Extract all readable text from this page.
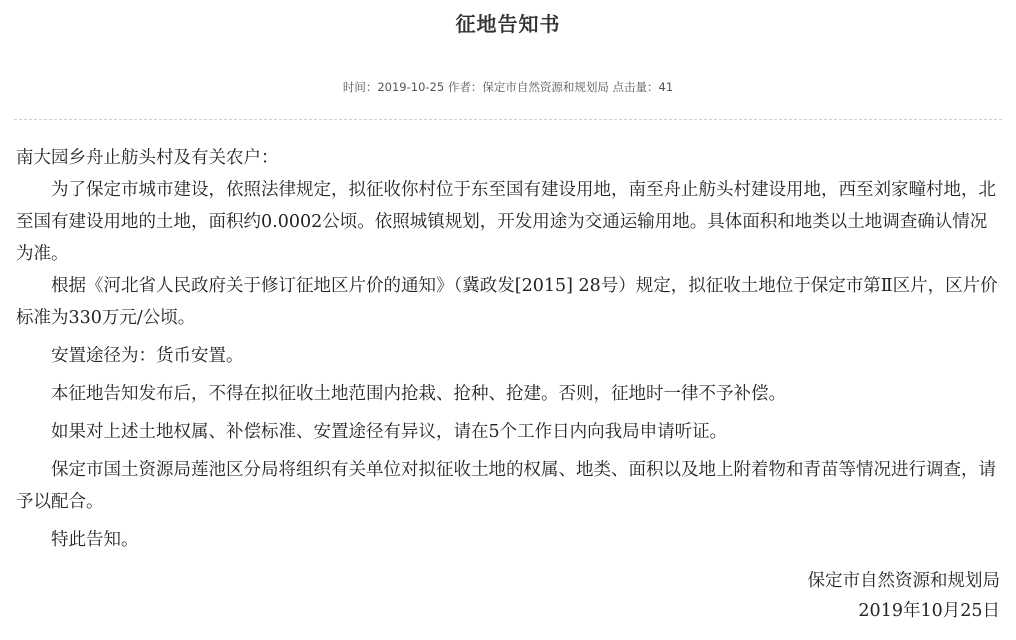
征地告知书
时间：2019-10-25 作者：保定市自然资源和规划局 点击量：41

南大园乡舟止舫头村及有关农户：

为了保定市城市建设，依照法律规定，拟征收你村位于东至国有建设用地，南至舟止舫头村建设用地，西至刘家疃村地，北至国有建设用地的土地，面积约0.0002公顷。依照城镇规划，开发用途为交通运输用地。具体面积和地类以土地调查确认情况为准。

根据《河北省人民政府关于修订征地区片价的通知》（冀政发[2015] 28号）规定，拟征收土地位于保定市第Ⅱ区片，区片价标准为330万元/公顷。

安置途径为：货币安置。

本征地告知发布后，不得在拟征收土地范围内抢栽、抢种、抢建。否则，征地时一律不予补偿。

如果对上述土地权属、补偿标准、安置途径有异议，请在5个工作日内向我局申请听证。

保定市国土资源局莲池区分局将组织有关单位对拟征收土地的权属、地类、面积以及地上附着物和青苗等情况进行调查，请予以配合。

特此告知。

保定市自然资源和规划局
2019年10月25日
